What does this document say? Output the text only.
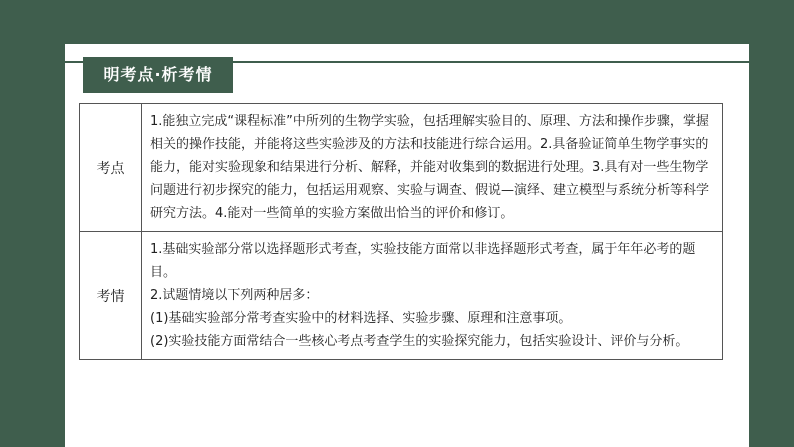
明考点·析考情
考点	1.能独立完成“课程标准”中所列的生物学实验，包括理解实验目的、原理、方法和操作步骤，掌握相关的操作技能，并能将这些实验涉及的方法和技能进行综合运用。2.具备验证简单生物学事实的能力，能对实验现象和结果进行分析、解释，并能对收集到的数据进行处理。3.具有对一些生物学问题进行初步探究的能力，包括运用观察、实验与调查、假说—演绎、建立模型与系统分析等科学研究方法。4.能对一些简单的实验方案做出恰当的评价和修订。
考情	1.基础实验部分常以选择题形式考查，实验技能方面常以非选择题形式考查，属于年年必考的题目。
2.试题情境以下列两种居多：
(1)基础实验部分常考查实验中的材料选择、实验步骤、原理和注意事项。
(2)实验技能方面常结合一些核心考点考查学生的实验探究能力，包括实验设计、评价与分析。
